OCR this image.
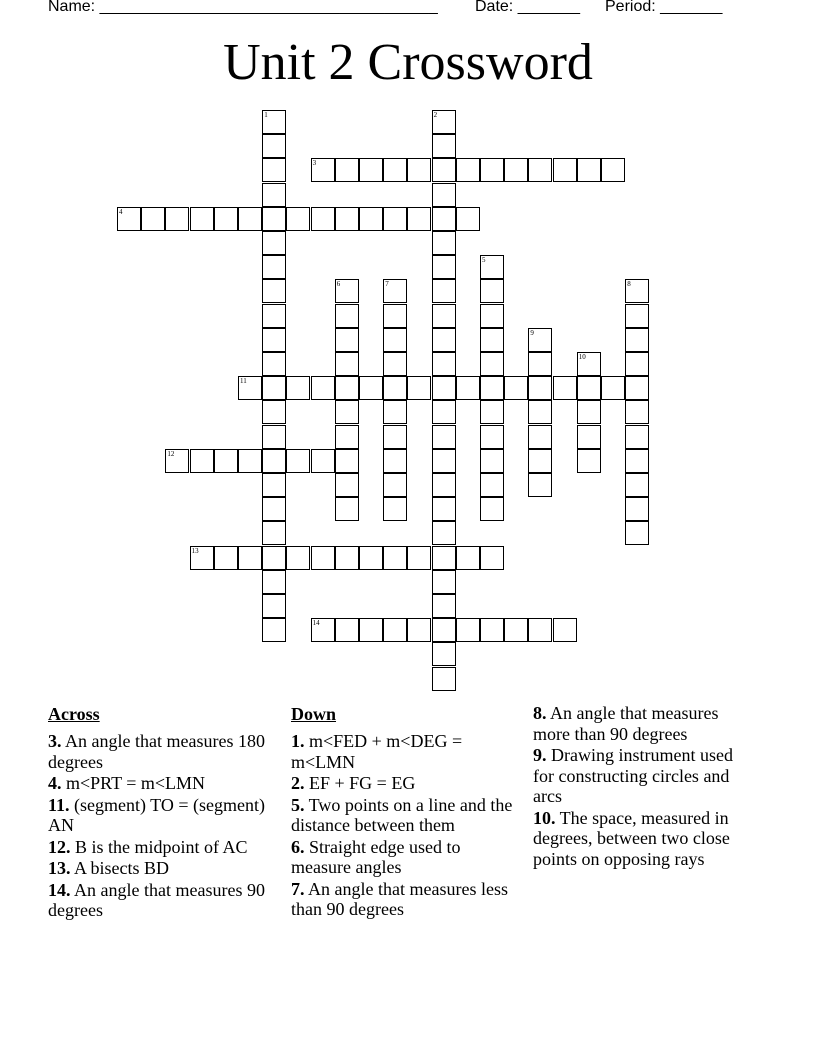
Name: ______________________________________ Date: _______ Period: _______
Unit 2 Crossword
1	2
3
4
5
6	7	8
9
10
11
12
13
14
Across
3. An angle that measures 180 degrees
4. m<PRT = m<LMN
11. (segment) TO = (segment) AN
12. B is the midpoint of AC
13. A bisects BD
14. An angle that measures 90 degrees
Down
1. m<FED + m<DEG = m<LMN
2. EF + FG = EG
5. Two points on a line and the distance between them
6. Straight edge used to measure angles
7. An angle that measures less than 90 degrees
8. An angle that measures more than 90 degrees
9. Drawing instrument used for constructing circles and arcs
10. The space, measured in degrees, between two close points on opposing rays
